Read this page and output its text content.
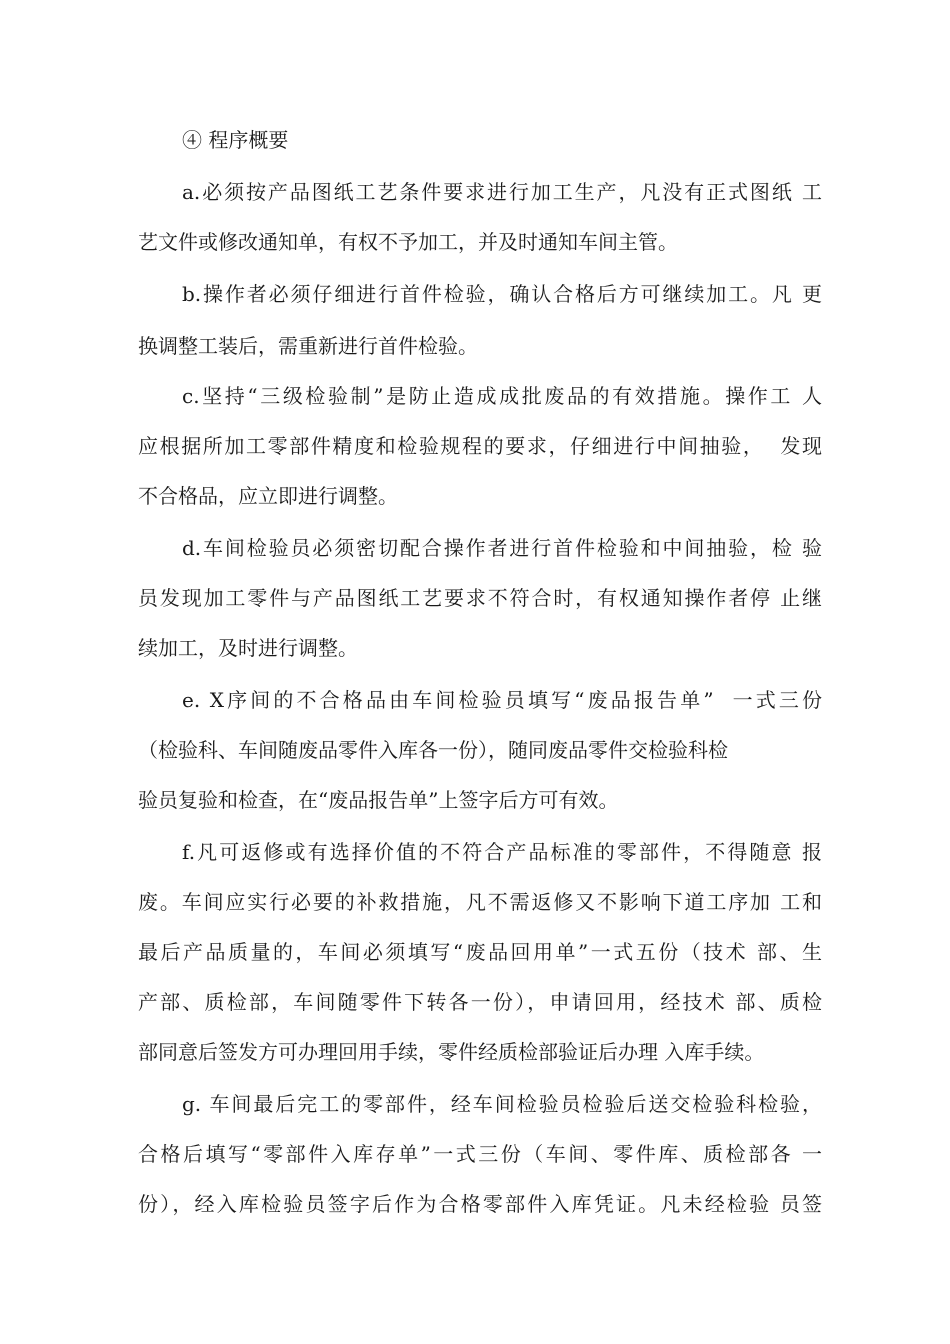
④ 程序概要

a.必须按产品图纸工艺条件要求进行加工生产，凡没有正式图纸 工

艺文件或修改通知单，有权不予加工，并及时通知车间主管。

b.操作者必须仔细进行首件检验，确认合格后方可继续加工。凡 更

换调整工装后，需重新进行首件检验。

c.坚持“三级检验制”是防止造成成批废品的有效措施。操作工 人

应根据所加工零部件精度和检验规程的要求，仔细进行中间抽验，  发现

不合格品，应立即进行调整。

d.车间检验员必须密切配合操作者进行首件检验和中间抽验，检 验

员发现加工零件与产品图纸工艺要求不符合时，有权通知操作者停 止继

续加工，及时进行调整。

e. X序间的不合格品由车间检验员填写“废品报告单”  一式三份

（检验科、车间随废品零件入库各一份），随同废品零件交检验科检

验员复验和检查，在“废品报告单”上签字后方可有效。

f.凡可返修或有选择价值的不符合产品标准的零部件，不得随意 报

废。车间应实行必要的补救措施，凡不需返修又不影响下道工序加 工和

最后产品质量的，车间必须填写“废品回用单”一式五份（技术 部、生

产部、质检部，车间随零件下转各一份），申请回用，经技术 部、质检

部同意后签发方可办理回用手续，零件经质检部验证后办理 入库手续。

g. 车间最后完工的零部件，经车间检验员检验后送交检验科检验，

合格后填写“零部件入库存单”一式三份（车间、零件库、质检部各 一

份），经入库检验员签字后作为合格零部件入库凭证。凡未经检验 员签
